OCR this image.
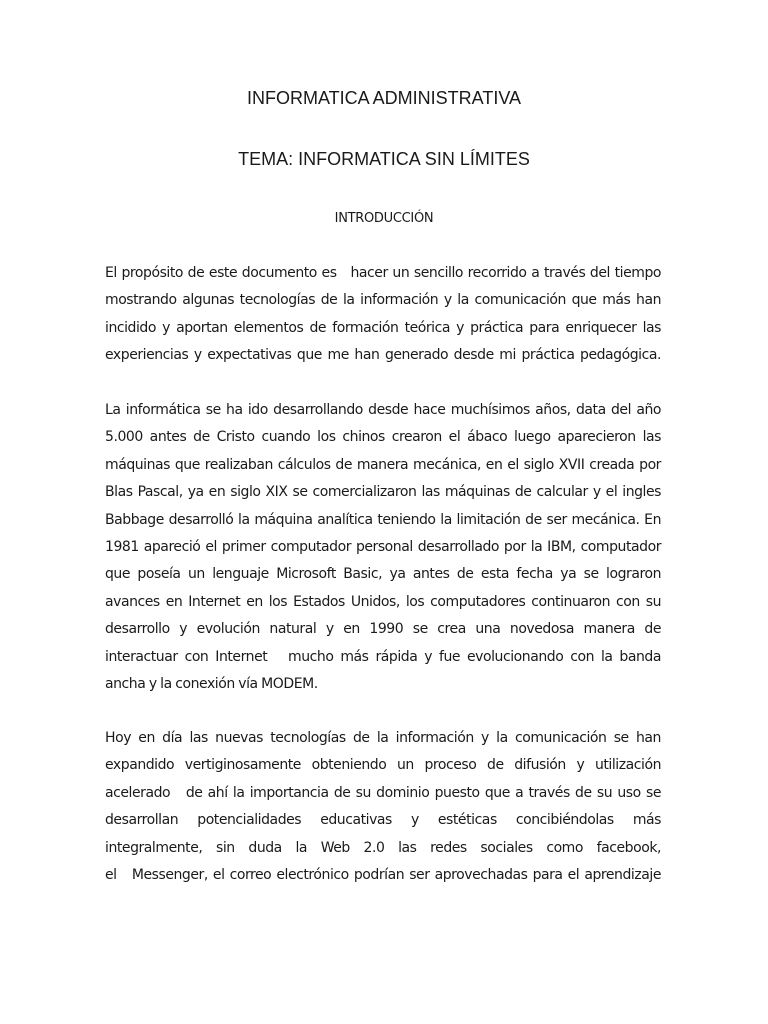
INFORMATICA ADMINISTRATIVA
TEMA: INFORMATICA SIN LÍMITES
INTRODUCCIÓN
El propósito de este documento es   hacer un sencillo recorrido a través del tiempo
mostrando algunas tecnologías de la información y la comunicación que más han
incidido y aportan elementos de formación teórica y práctica para enriquecer las
experiencias y expectativas que me han generado desde mi práctica pedagógica.
La informática se ha ido desarrollando desde hace muchísimos años, data del año
5.000 antes de Cristo cuando los chinos crearon el ábaco luego aparecieron las
máquinas que realizaban cálculos de manera mecánica, en el siglo XVII creada por
Blas Pascal, ya en siglo XIX se comercializaron las máquinas de calcular y el ingles
Babbage desarrolló la máquina analítica teniendo la limitación de ser mecánica. En
1981 apareció el primer computador personal desarrollado por la IBM, computador
que poseía un lenguaje Microsoft Basic, ya antes de esta fecha ya se lograron
avances en Internet en los Estados Unidos, los computadores continuaron con su
desarrollo y evolución natural y en 1990 se crea una novedosa manera de
interactuar con Internet   mucho más rápida y fue evolucionando con la banda
ancha y la conexión vía MODEM.
Hoy en día las nuevas tecnologías de la información y la comunicación se han
expandido vertiginosamente obteniendo un proceso de difusión y utilización
acelerado   de ahí la importancia de su dominio puesto que a través de su uso se
desarrollan potencialidades educativas y estéticas concibiéndolas más
integralmente, sin duda la Web 2.0 las redes sociales como facebook,
el   Messenger, el correo electrónico podrían ser aprovechadas para el aprendizaje
